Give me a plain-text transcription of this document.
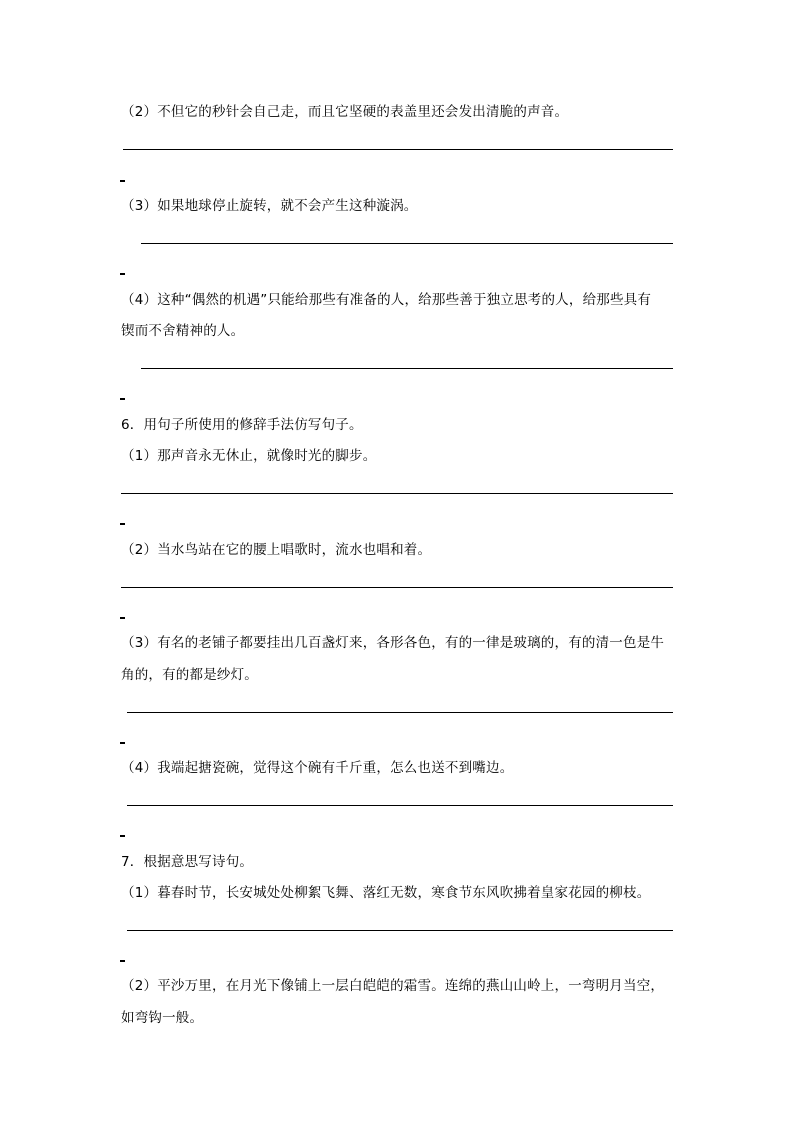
（2）不但它的秒针会自己走，而且它坚硬的表盖里还会发出清脆的声音。
（3）如果地球停止旋转，就不会产生这种漩涡。
（4）这种“偶然的机遇”只能给那些有准备的人，给那些善于独立思考的人，给那些具有
锲而不舍精神的人。
6．用句子所使用的修辞手法仿写句子。
（1）那声音永无休止，就像时光的脚步。
（2）当水鸟站在它的腰上唱歌时，流水也唱和着。
（3）有名的老铺子都要挂出几百盏灯来，各形各色，有的一律是玻璃的，有的清一色是牛
角的，有的都是纱灯。
（4）我端起搪瓷碗，觉得这个碗有千斤重，怎么也送不到嘴边。
7．根据意思写诗句。
（1）暮春时节，长安城处处柳絮飞舞、落红无数，寒食节东风吹拂着皇家花园的柳枝。
（2）平沙万里，在月光下像铺上一层白皑皑的霜雪。连绵的燕山山岭上，一弯明月当空，
如弯钩一般。
